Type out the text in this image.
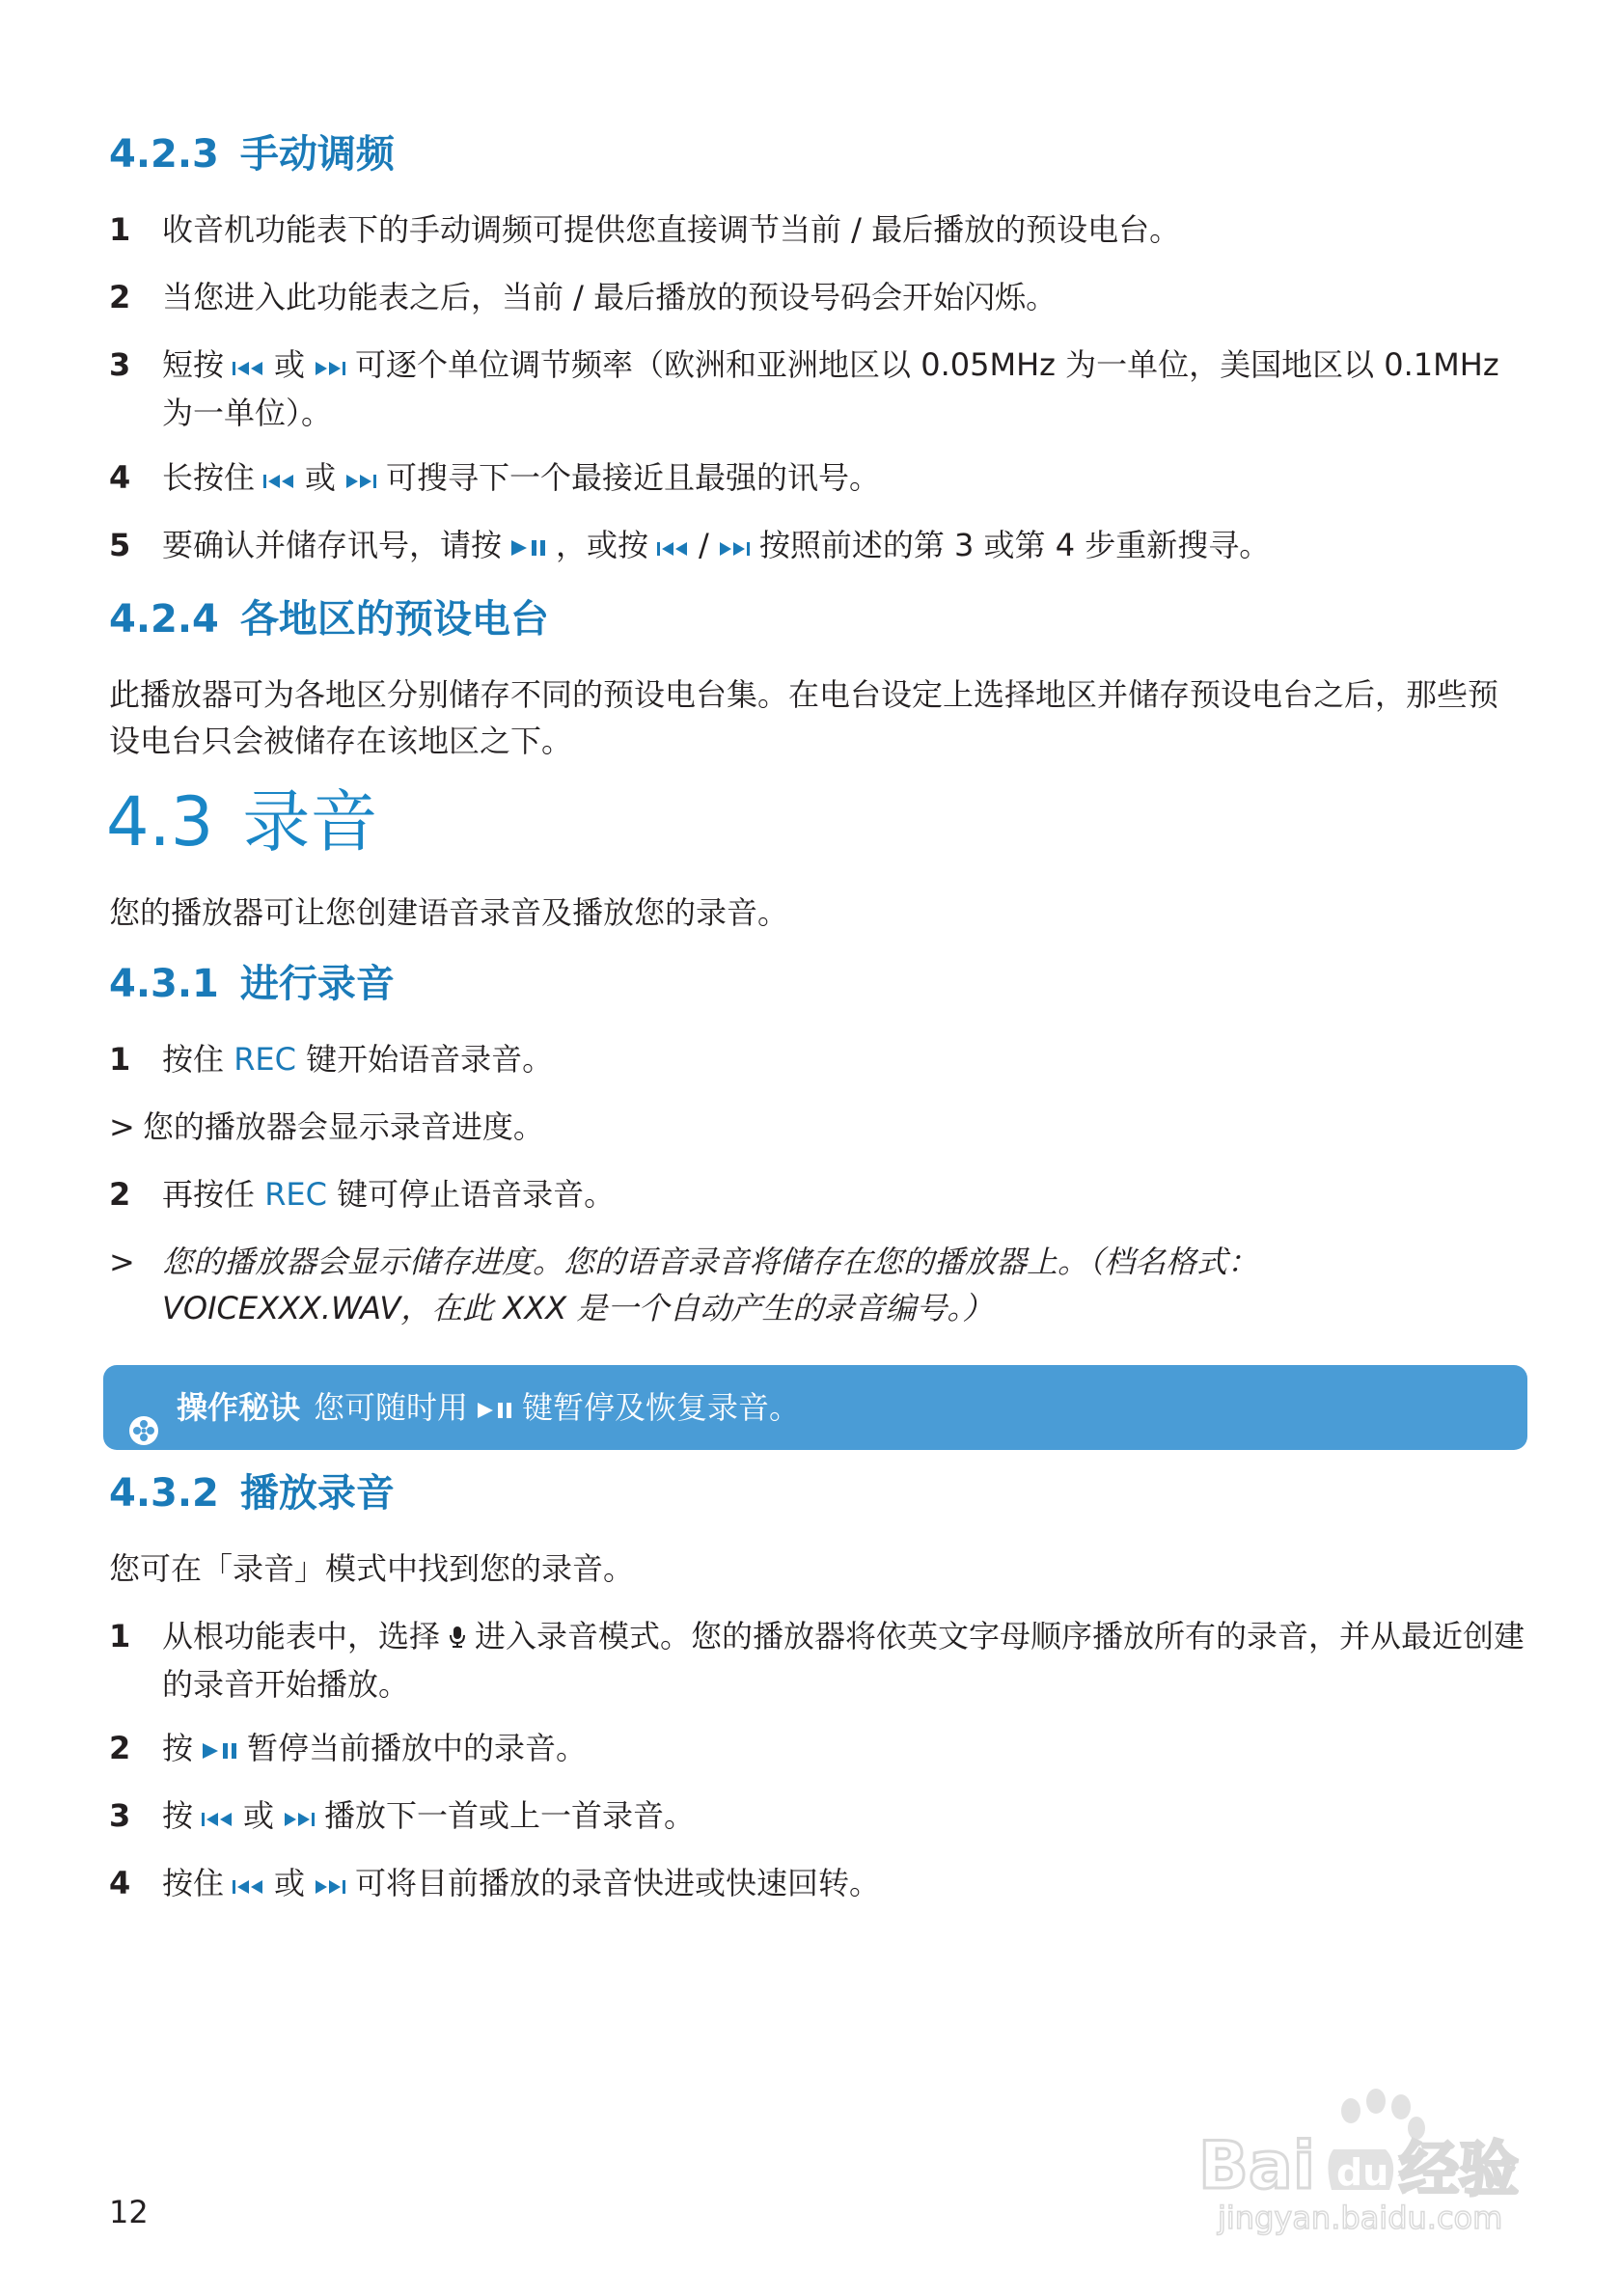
4.2.3 手动调频
1 收音机功能表下的手动调频可提供您直接调节当前 / 最后播放的预设电台。
2 当您进入此功能表之后，当前 / 最后播放的预设号码会开始闪烁。
3 短按 或 可逐个单位调节频率（欧洲和亚洲地区以 0.05MHz 为一单位，美国地区以 0.1MHz 为一单位）。
4 长按住 或 可搜寻下一个最接近且最强的讯号。
5 要确认并储存讯号，请按 ，或按 / 按照前述的第 3 或第 4 步重新搜寻。
4.2.4 各地区的预设电台
此播放器可为各地区分别储存不同的预设电台集。在电台设定上选择地区并储存预设电台之后，那些预设电台只会被储存在该地区之下。
4.3 录音
您的播放器可让您创建语音录音及播放您的录音。
4.3.1 进行录音
1 按住 REC 键开始语音录音。
> 您的播放器会显示录音进度。
2 再按任 REC 键可停止语音录音。
> 您的播放器会显示储存进度。您的语音录音将储存在您的播放器上。（档名格式：VOICEXXX.WAV，在此 XXX 是一个自动产生的录音编号。）
操作秘诀 您可随时用 键暂停及恢复录音。
4.3.2 播放录音
您可在「录音」模式中找到您的录音。
1 从根功能表中，选择 进入录音模式。您的播放器将依英文字母顺序播放所有的录音，并从最近创建的录音开始播放。
2 按 暂停当前播放中的录音。
3 按 或 播放下一首或上一首录音。
4 按住 或 可将目前播放的录音快进或快速回转。
12
Bai du 经验
jingyan.baidu.com
